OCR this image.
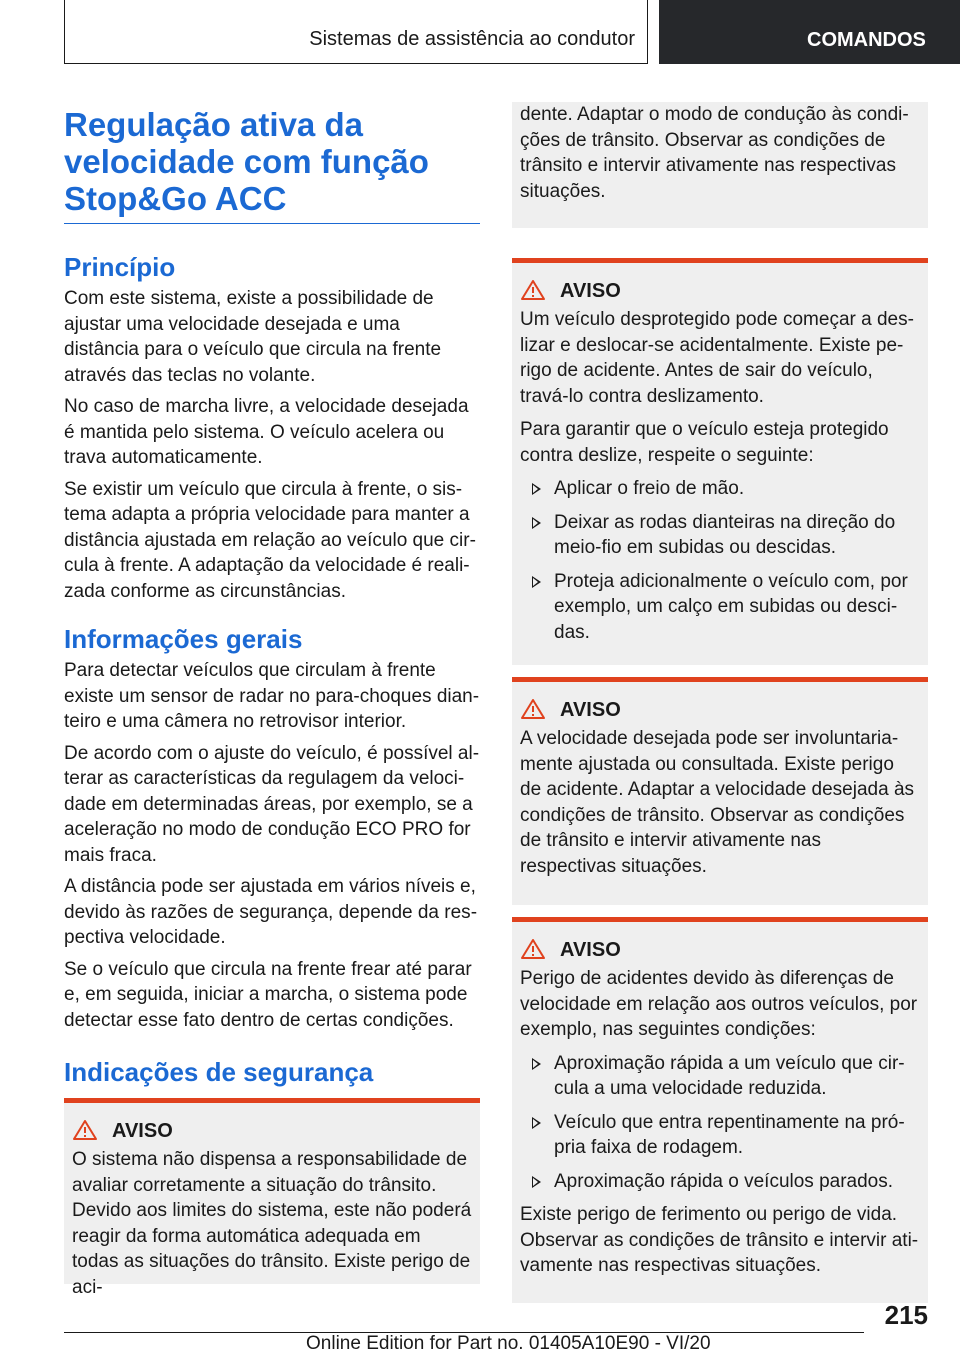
Sistemas de assistência ao condutor	COMANDOS
Regulação ativa da velocidade com função Stop&Go ACC
Princípio
Com este sistema, existe a possibilidade de ajustar uma velocidade desejada e uma distância para o veículo que circula na frente através das teclas no volante.
No caso de marcha livre, a velocidade desejada é mantida pelo sistema. O veículo acelera ou trava automaticamente.
Se existir um veículo que circula à frente, o sistema adapta a própria velocidade para manter a distância ajustada em relação ao veículo que circula à frente. A adaptação da velocidade é realizada conforme as circunstâncias.
Informações gerais
Para detectar veículos que circulam à frente existe um sensor de radar no para-choques dianteiro e uma câmera no retrovisor interior.
De acordo com o ajuste do veículo, é possível alterar as características da regulagem da velocidade em determinadas áreas, por exemplo, se a aceleração no modo de condução ECO PRO for mais fraca.
A distância pode ser ajustada em vários níveis e, devido às razões de segurança, depende da respectiva velocidade.
Se o veículo que circula na frente frear até parar e, em seguida, iniciar a marcha, o sistema pode detectar esse fato dentro de certas condições.
Indicações de segurança
AVISO
O sistema não dispensa a responsabilidade de avaliar corretamente a situação do trânsito. Devido aos limites do sistema, este não poderá reagir da forma automática adequada em todas as situações do trânsito. Existe perigo de aci-
dente. Adaptar o modo de condução às condições de trânsito. Observar as condições de trânsito e intervir ativamente nas respectivas situações.
AVISO
Um veículo desprotegido pode começar a deslizar e deslocar-se acidentalmente. Existe perigo de acidente. Antes de sair do veículo, travá-lo contra deslizamento.
Para garantir que o veículo esteja protegido contra deslize, respeite o seguinte:
Aplicar o freio de mão.
Deixar as rodas dianteiras na direção do meio-fio em subidas ou descidas.
Proteja adicionalmente o veículo com, por exemplo, um calço em subidas ou descidas.
AVISO
A velocidade desejada pode ser involuntariamente ajustada ou consultada. Existe perigo de acidente. Adaptar a velocidade desejada às condições de trânsito. Observar as condições de trânsito e intervir ativamente nas respectivas situações.
AVISO
Perigo de acidentes devido às diferenças de velocidade em relação aos outros veículos, por exemplo, nas seguintes condições:
Aproximação rápida a um veículo que circula a uma velocidade reduzida.
Veículo que entra repentinamente na própria faixa de rodagem.
Aproximação rápida o veículos parados.
Existe perigo de ferimento ou perigo de vida. Observar as condições de trânsito e intervir ativamente nas respectivas situações.
215
Online Edition for Part no. 01405A10E90 - VI/20
